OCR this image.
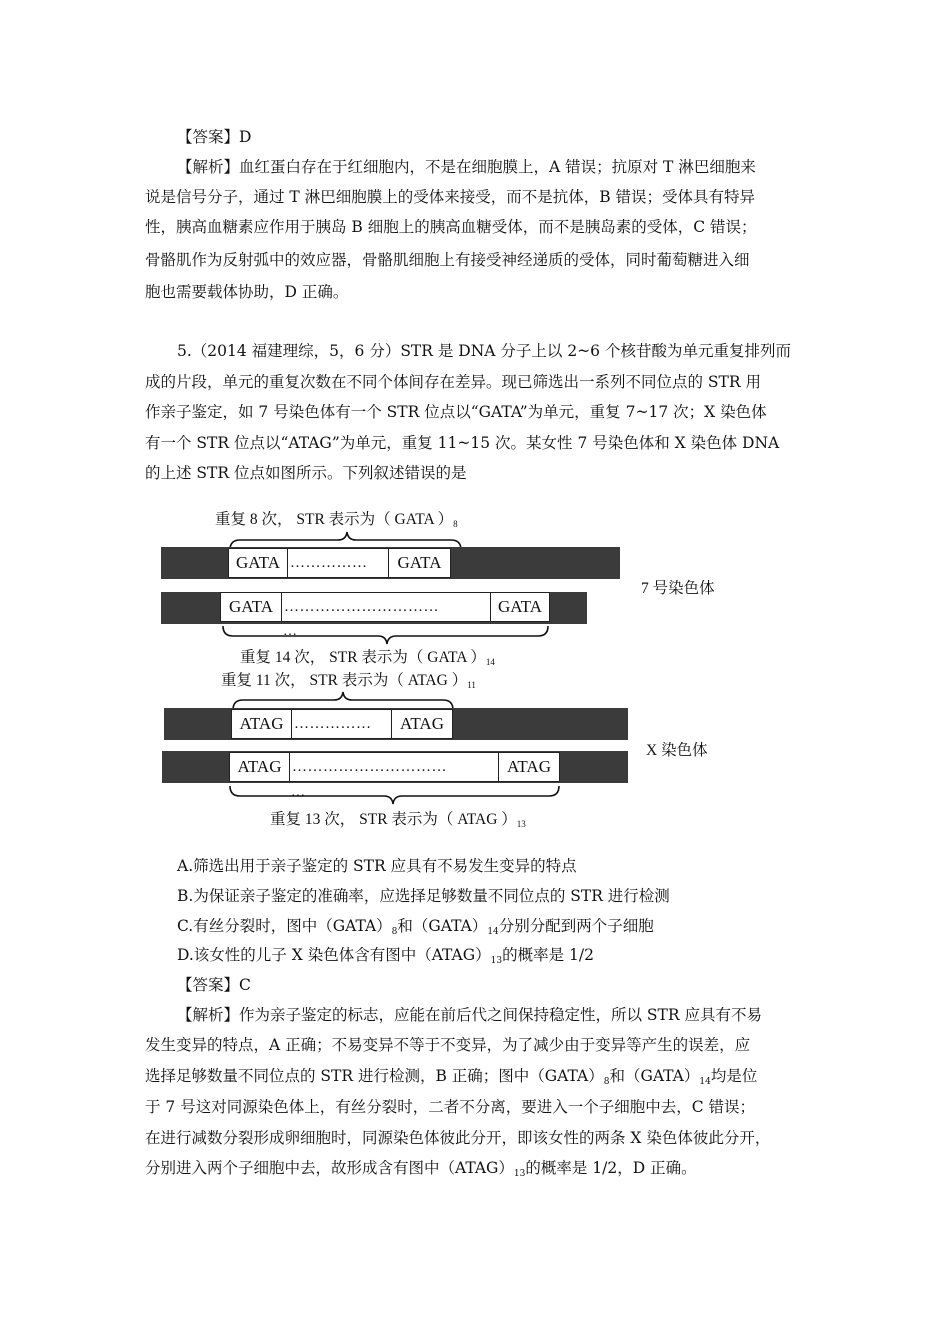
【答案】D
【解析】血红蛋白存在于红细胞内，不是在细胞膜上，A 错误；抗原对 T 淋巴细胞来
说是信号分子，通过 T 淋巴细胞膜上的受体来接受，而不是抗体，B 错误；受体具有特异
性，胰高血糖素应作用于胰岛 B 细胞上的胰高血糖受体，而不是胰岛素的受体，C 错误；
骨骼肌作为反射弧中的效应器，骨骼肌细胞上有接受神经递质的受体，同时葡萄糖进入细
胞也需要载体协助，D 正确。
5.（2014 福建理综，5，6 分）STR 是 DNA 分子上以 2~6 个核苷酸为单元重复排列而
成的片段，单元的重复次数在不同个体间存在差异。现已筛选出一系列不同位点的 STR 用
作亲子鉴定，如 7 号染色体有一个 STR 位点以“GATA”为单元，重复 7~17 次；X 染色体
有一个 STR 位点以“ATAG”为单元，重复 11~15 次。某女性 7 号染色体和 X 染色体 DNA
的上述 STR 位点如图所示。下列叙述错误的是
重复 8 次， STR 表示为（ GATA ）$_8$
GATA ……………	GATA
GATA …………………………	GATA
…
重复 14 次， STR 表示为（ GATA ）$_{14}$
7 号染色体
重复 11 次， STR 表示为（ ATAG ）$_{11}$
ATAG ……………	ATAG
ATAG …………………………	ATAG
…
重复 13 次， STR 表示为（ ATAG ）$_{13}$
X 染色体
A.筛选出用于亲子鉴定的 STR 应具有不易发生变异的特点
B.为保证亲子鉴定的准确率，应选择足够数量不同位点的 STR 进行检测
C.有丝分裂时，图中$(GATA)_8$和$(GATA)_{14}$分别分配到两个子细胞
D.该女性的儿子 X 染色体含有图中$(ATAG)_{13}$的概率是 1/2
【答案】C
【解析】作为亲子鉴定的标志，应能在前后代之间保持稳定性，所以 STR 应具有不易
发生变异的特点，A 正确；不易变异不等于不变异，为了减少由于变异等产生的误差，应
选择足够数量不同位点的 STR 进行检测，B 正确；图中$(GATA)_8$和$(GATA)_{14}$均是位
于 7 号这对同源染色体上，有丝分裂时，二者不分离，要进入一个子细胞中去，C 错误；
在进行减数分裂形成卵细胞时，同源染色体彼此分开，即该女性的两条 X 染色体彼此分开，
分别进入两个子细胞中去，故形成含有图中$(ATAG)_{13}$的概率是 1/2，D 正确。
